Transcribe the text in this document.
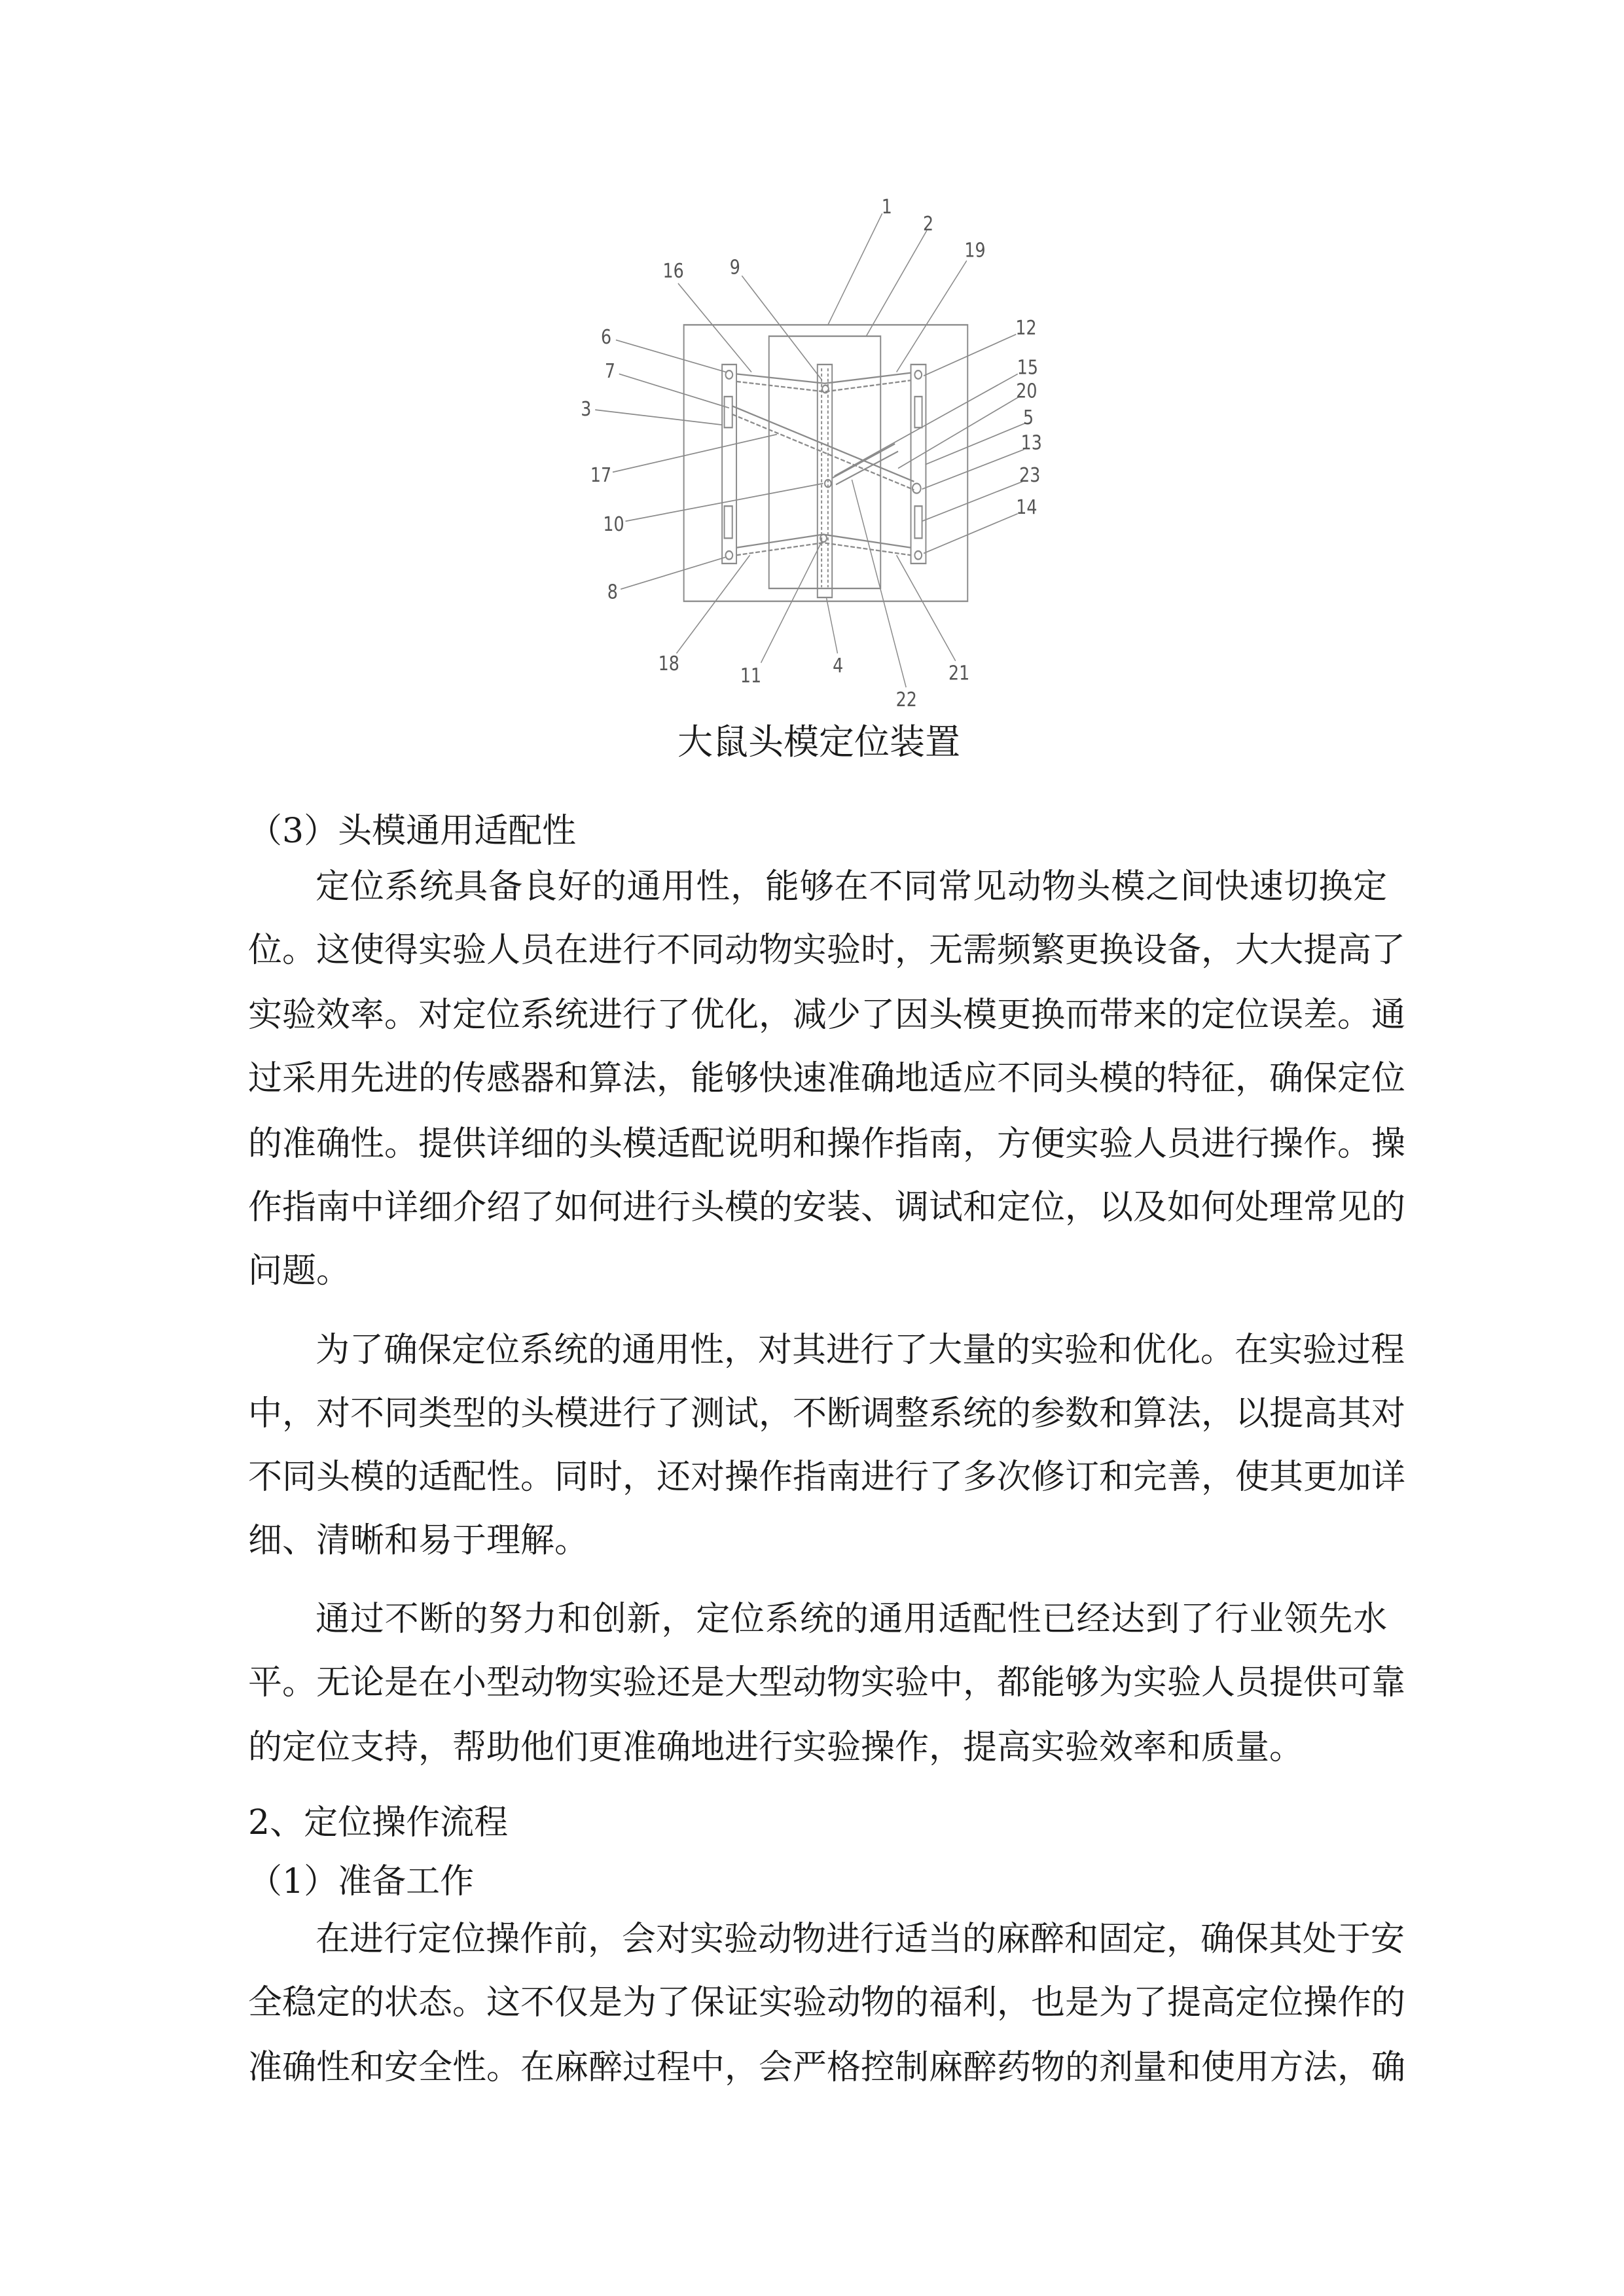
1
2
19
16 9
6	12
7	15
20
3	5
13
17	23
10
14
8
18
11 4	21
22
大鼠头模定位装置
（3）头模通用适配性
定位系统具备良好的通用性，能够在不同常见动物头模之间快速切换定
位。这使得实验人员在进行不同动物实验时，无需频繁更换设备，大大提高了
实验效率。对定位系统进行了优化，减少了因头模更换而带来的定位误差。通
过采用先进的传感器和算法，能够快速准确地适应不同头模的特征，确保定位
的准确性。提供详细的头模适配说明和操作指南，方便实验人员进行操作。操
作指南中详细介绍了如何进行头模的安装、调试和定位，以及如何处理常见的
问题。
为了确保定位系统的通用性，对其进行了大量的实验和优化。在实验过程
中，对不同类型的头模进行了测试，不断调整系统的参数和算法，以提高其对
不同头模的适配性。同时，还对操作指南进行了多次修订和完善，使其更加详
细、清晰和易于理解。
通过不断的努力和创新，定位系统的通用适配性已经达到了行业领先水
平。无论是在小型动物实验还是大型动物实验中，都能够为实验人员提供可靠
的定位支持，帮助他们更准确地进行实验操作，提高实验效率和质量。
2、定位操作流程
（1）准备工作
在进行定位操作前，会对实验动物进行适当的麻醉和固定，确保其处于安
全稳定的状态。这不仅是为了保证实验动物的福利，也是为了提高定位操作的
准确性和安全性。在麻醉过程中，会严格控制麻醉药物的剂量和使用方法，确
